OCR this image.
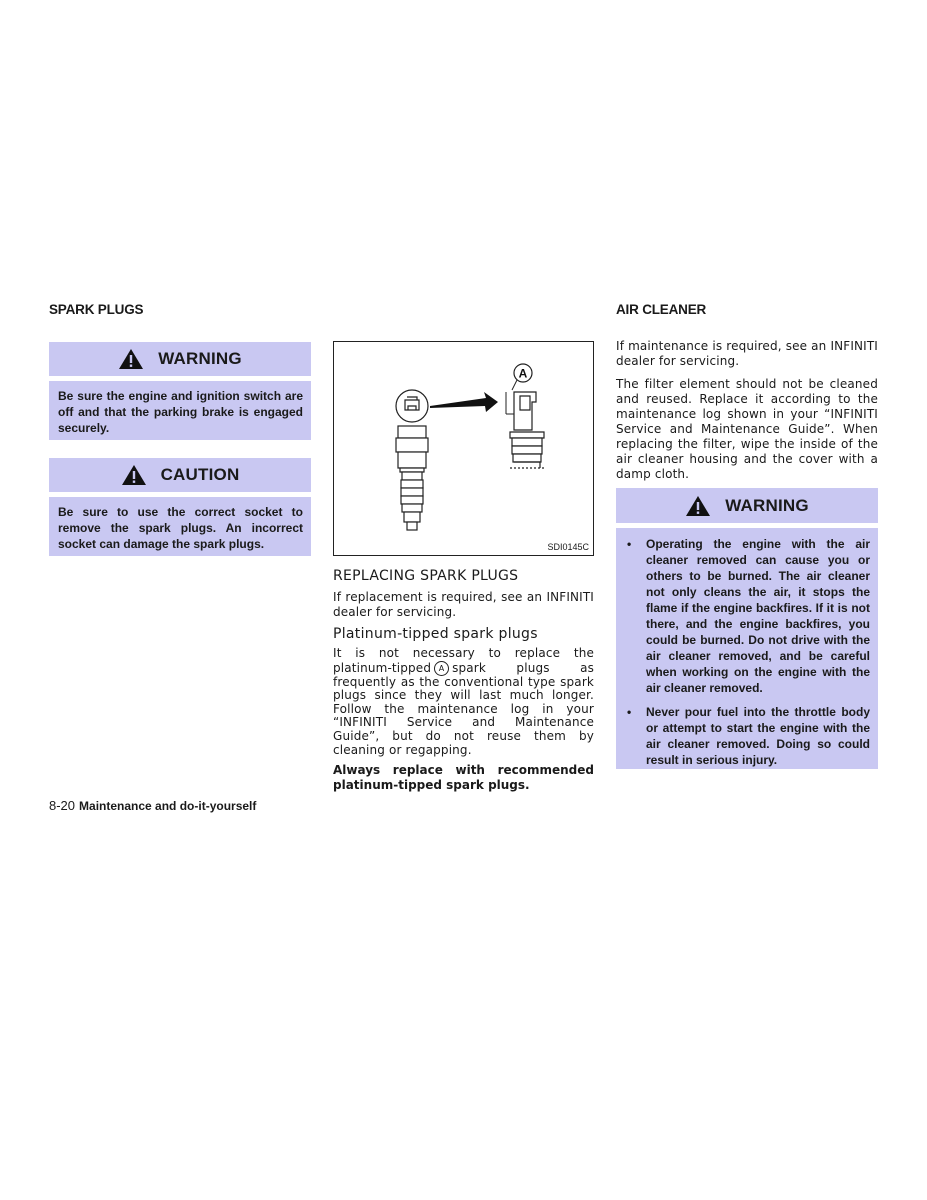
SPARK PLUGS
WARNING
Be sure the engine and ignition switch are off and that the parking brake is engaged securely.
CAUTION
Be sure to use the correct socket to remove the spark plugs. An incorrect socket can damage the spark plugs.
A
SDI0145C
REPLACING SPARK PLUGS
If replacement is required, see an INFINITI dealer for servicing.
Platinum-tipped spark plugs
It is not necessary to replace the platinum-tipped A spark plugs as frequently as the conventional type spark plugs since they will last much longer. Follow the maintenance log in your “INFINITI Service and Maintenance Guide”, but do not reuse them by cleaning or regapping.
Always replace with recommended platinum-tipped spark plugs.
AIR CLEANER
If maintenance is required, see an INFINITI dealer for servicing.
The filter element should not be cleaned and reused. Replace it according to the maintenance log shown in your “INFINITI Service and Maintenance Guide”. When replacing the filter, wipe the inside of the air cleaner housing and the cover with a damp cloth.
WARNING
• Operating the engine with the air cleaner removed can cause you or others to be burned. The air cleaner not only cleans the air, it stops the flame if the engine backfires. If it is not there, and the engine backfires, you could be burned. Do not drive with the air cleaner removed, and be careful when working on the engine with the air cleaner removed.
• Never pour fuel into the throttle body or attempt to start the engine with the air cleaner removed. Doing so could result in serious injury.
8-20 Maintenance and do-it-yourself
